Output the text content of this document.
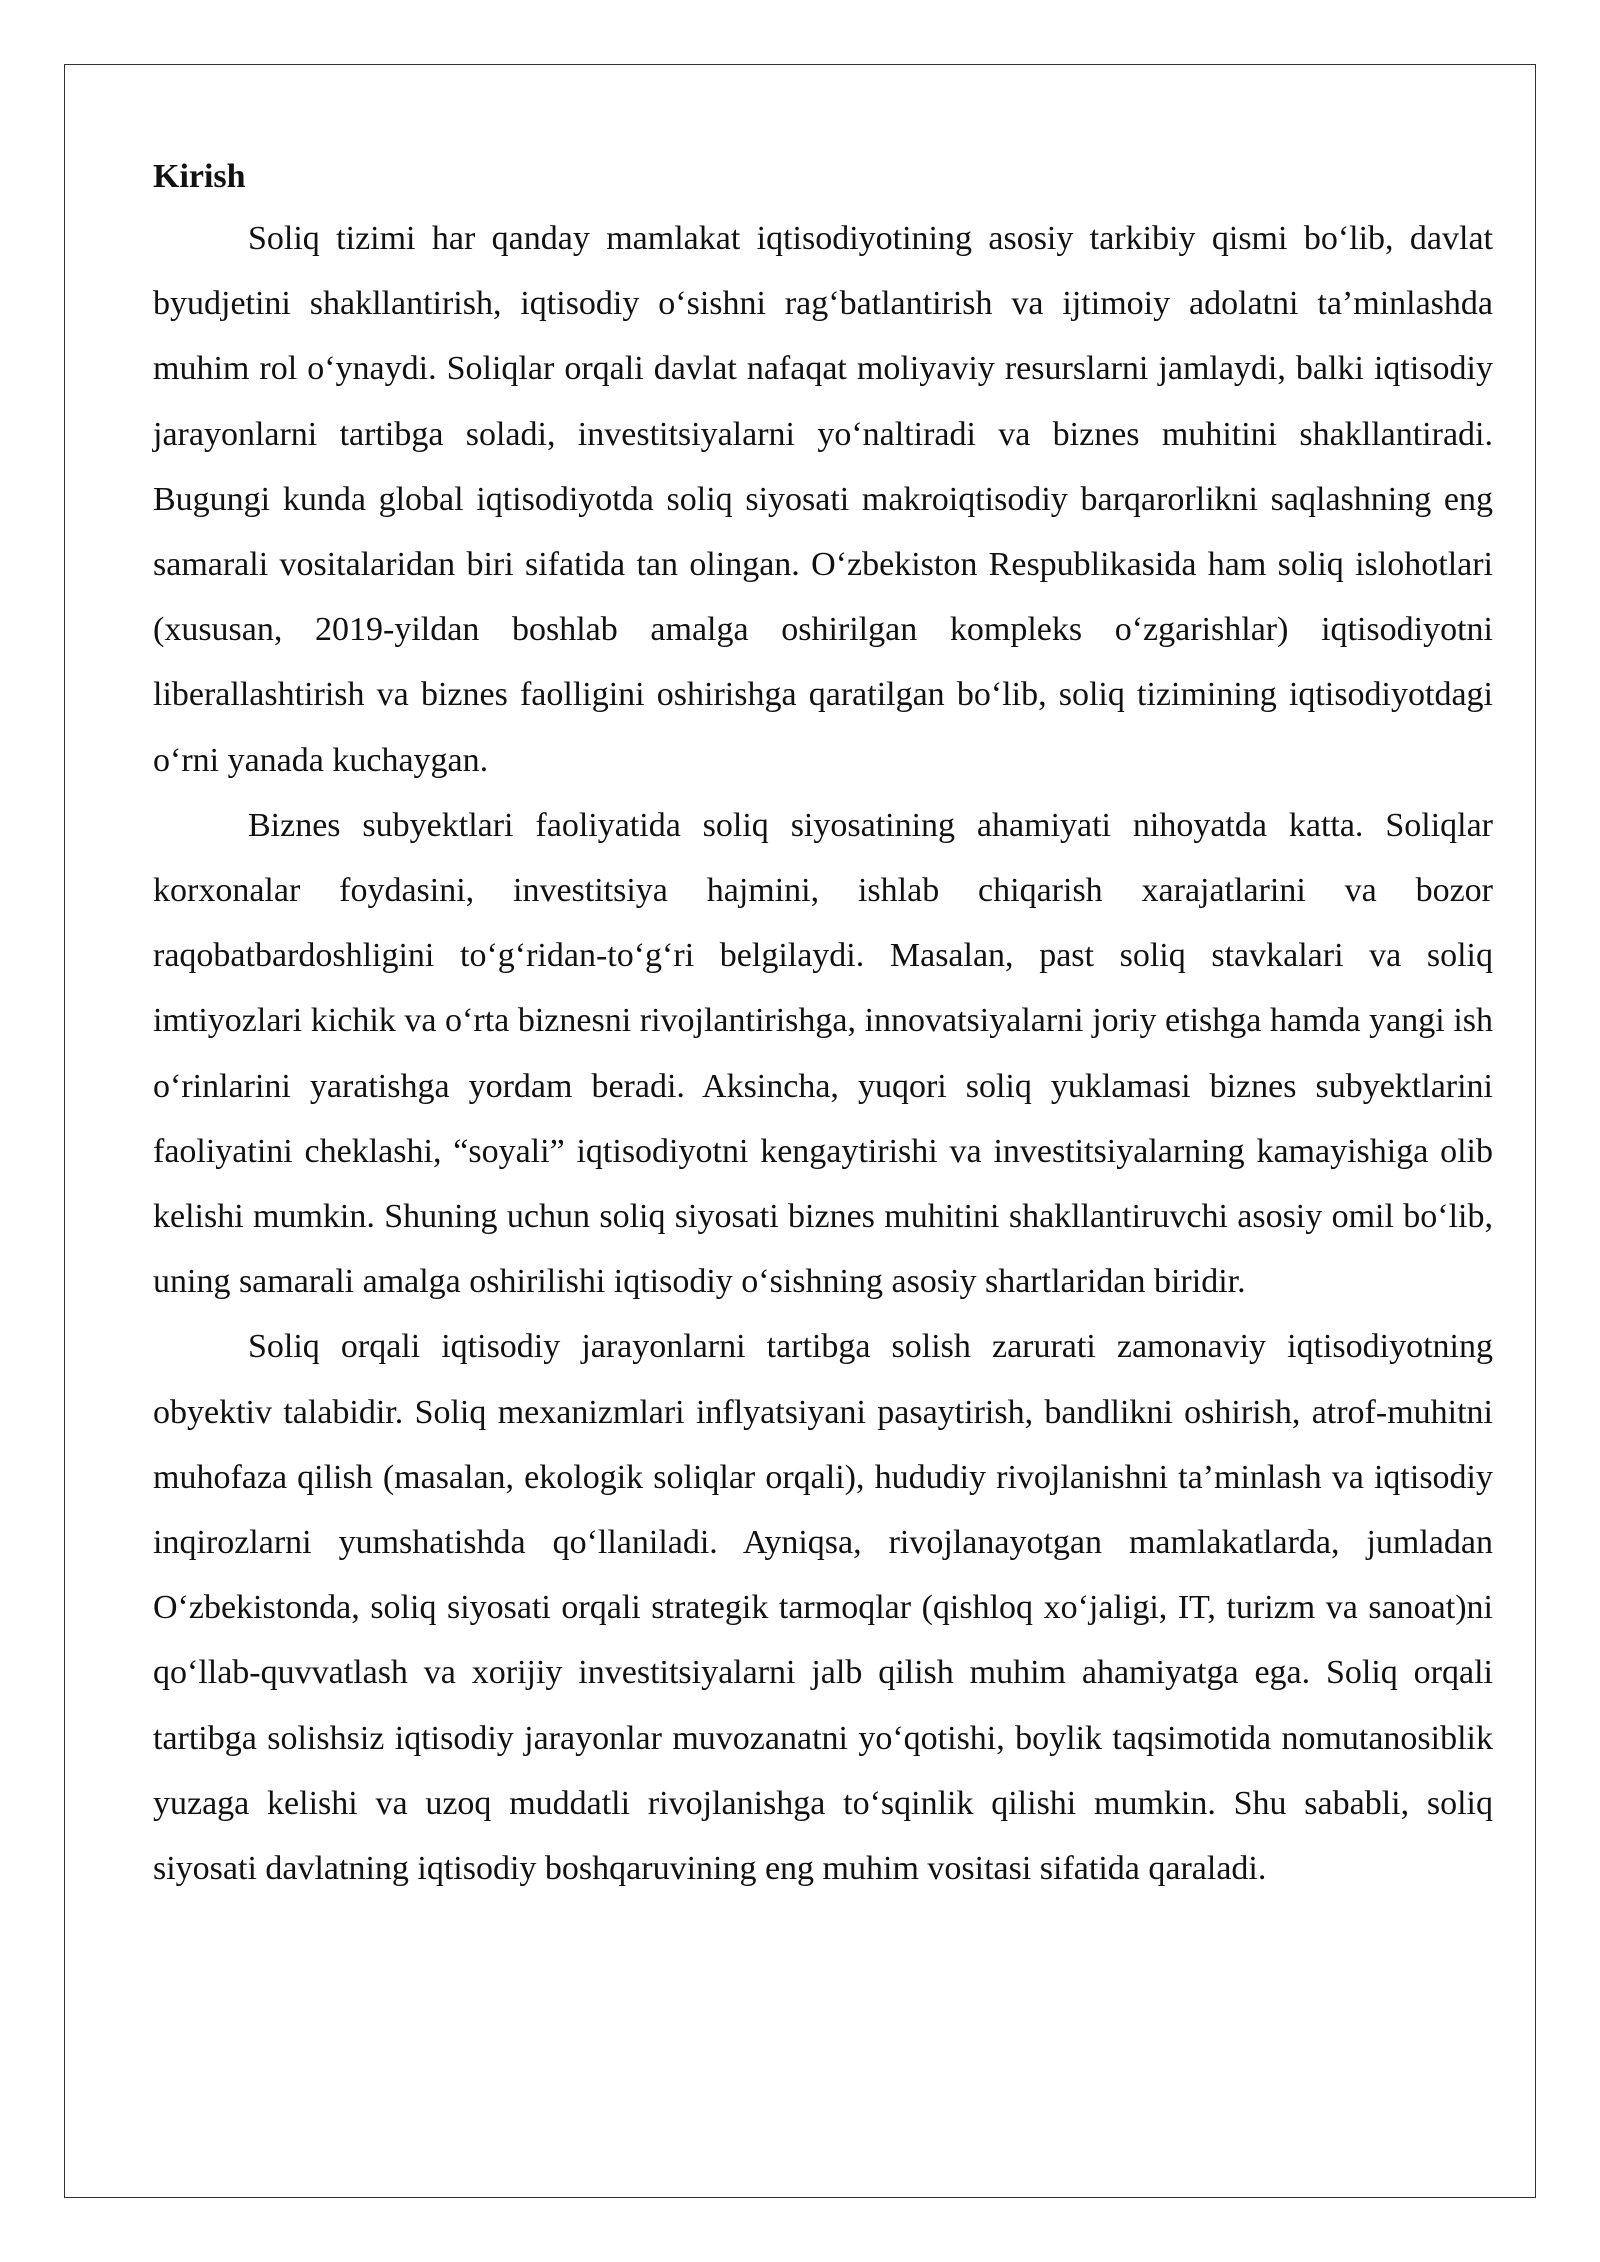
Kirish

Soliq tizimi har qanday mamlakat iqtisodiyotining asosiy tarkibiy qismi bo‘lib, davlat byudjetini shakllantirish, iqtisodiy o‘sishni rag‘batlantirish va ijtimoiy adolatni ta’minlashda muhim rol o‘ynaydi. Soliqlar orqali davlat nafaqat moliyaviy resurslarni jamlaydi, balki iqtisodiy jarayonlarni tartibga soladi, investitsiyalarni yo‘naltiradi va biznes muhitini shakllantiradi. Bugungi kunda global iqtisodiyotda soliq siyosati makroiqtisodiy barqarorlikni saqlashning eng samarali vositalaridan biri sifatida tan olingan. O‘zbekiston Respublikasida ham soliq islohotlari (xususan, 2019-yildan boshlab amalga oshirilgan kompleks o‘zgarishlar) iqtisodiyotni liberallashtirish va biznes faolligini oshirishga qaratilgan bo‘lib, soliq tizimining iqtisodiyotdagi o‘rni yanada kuchaygan.

Biznes subyektlari faoliyatida soliq siyosatining ahamiyati nihoyatda katta. Soliqlar korxonalar foydasini, investitsiya hajmini, ishlab chiqarish xarajatlarini va bozor raqobatbardoshligini to‘g‘ridan-to‘g‘ri belgilaydi. Masalan, past soliq stavkalari va soliq imtiyozlari kichik va o‘rta biznesni rivojlantirishga, innovatsiyalarni joriy etishga hamda yangi ish o‘rinlarini yaratishga yordam beradi. Aksincha, yuqori soliq yuklamasi biznes subyektlarini faoliyatini cheklashi, “soyali” iqtisodiyotni kengaytirishi va investitsiyalarning kamayishiga olib kelishi mumkin. Shuning uchun soliq siyosati biznes muhitini shakllantiruvchi asosiy omil bo‘lib, uning samarali amalga oshirilishi iqtisodiy o‘sishning asosiy shartlaridan biridir.

Soliq orqali iqtisodiy jarayonlarni tartibga solish zarurati zamonaviy iqtisodiyotning obyektiv talabidir. Soliq mexanizmlari inflyatsiyani pasaytirish, bandlikni oshirish, atrof-muhitni muhofaza qilish (masalan, ekologik soliqlar orqali), hududiy rivojlanishni ta’minlash va iqtisodiy inqirozlarni yumshatishda qo‘llaniladi. Ayniqsa, rivojlanayotgan mamlakatlarda, jumladan O‘zbekistonda, soliq siyosati orqali strategik tarmoqlar (qishloq xo‘jaligi, IT, turizm va sanoat)ni qo‘llab-quvvatlash va xorijiy investitsiyalarni jalb qilish muhim ahamiyatga ega. Soliq orqali tartibga solishsiz iqtisodiy jarayonlar muvozanatni yo‘qotishi, boylik taqsimotida nomutanosiblik yuzaga kelishi va uzoq muddatli rivojlanishga to‘sqinlik qilishi mumkin. Shu sababli, soliq siyosati davlatning iqtisodiy boshqaruvining eng muhim vositasi sifatida qaraladi.
